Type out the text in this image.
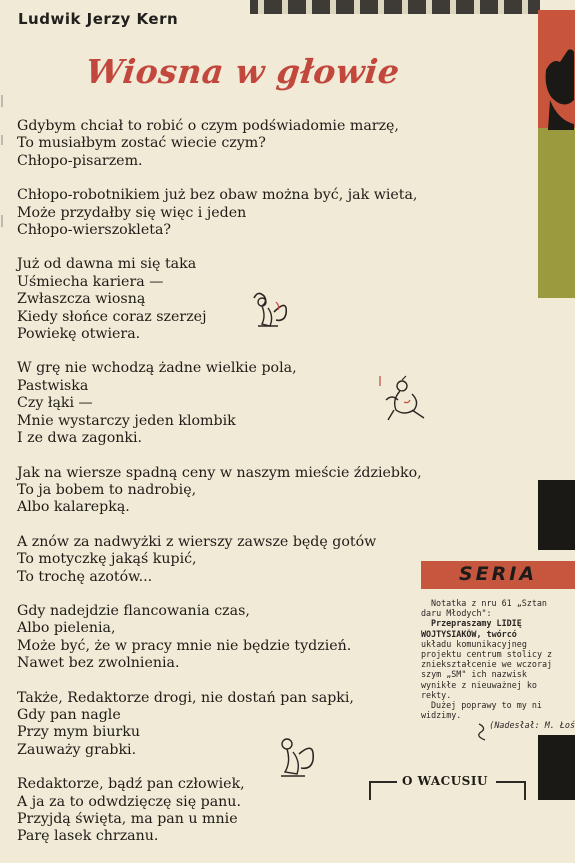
Ludwik Jerzy Kern
Wiosna w głowie
Gdybym chciał to robić o czym podświadomie marzę,
To musiałbym zostać wiecie czym?
Chłopo-pisarzem.
Chłopo-robotnikiem już bez obaw można być, jak wieta,
Może przydałby się więc i jeden
Chłopo-wierszokleta?
Już od dawna mi się taka
Uśmiecha kariera —
Zwłaszcza wiosną
Kiedy słońce coraz szerzej
Powiekę otwiera.
W grę nie wchodzą żadne wielkie pola,
Pastwiska
Czy łąki —
Mnie wystarczy jeden klombik
I ze dwa zagonki.
Jak na wiersze spadną ceny w naszym mieście ździebko,
To ja bobem to nadrobię,
Albo kalarepką.
A znów za nadwyżki z wierszy zawsze będę gotów
To motyczkę jakąś kupić,
To trochę azotów...
Gdy nadejdzie flancowania czas,
Albo pielenia,
Może być, że w pracy mnie nie będzie tydzień.
Nawet bez zwolnienia.
Także, Redaktorze drogi, nie dostań pan sapki,
Gdy pan nagle
Przy mym biurku
Zauważy grabki.
Redaktorze, bądź pan człowiek,
A ja za to odwdzięczę się panu.
Przyjdą święta, ma pan u mnie
Parę lasek chrzanu.
SERIA
Notatka z nru 61 „Sztan
daru Młodych":
Przepraszamy LIDIĘ
WOJTYSIAKÓW, twórcó
układu komunikacyjneg
projektu centrum stolicy z
zniekształcenie we wczoraj
szym „SM" ich nazwisk
wynikłe z nieuważnej ko
rekty.
Dużej poprawy to my ni
widzimy.
(Nadesłał: M. Łoś
O WACUSIU
